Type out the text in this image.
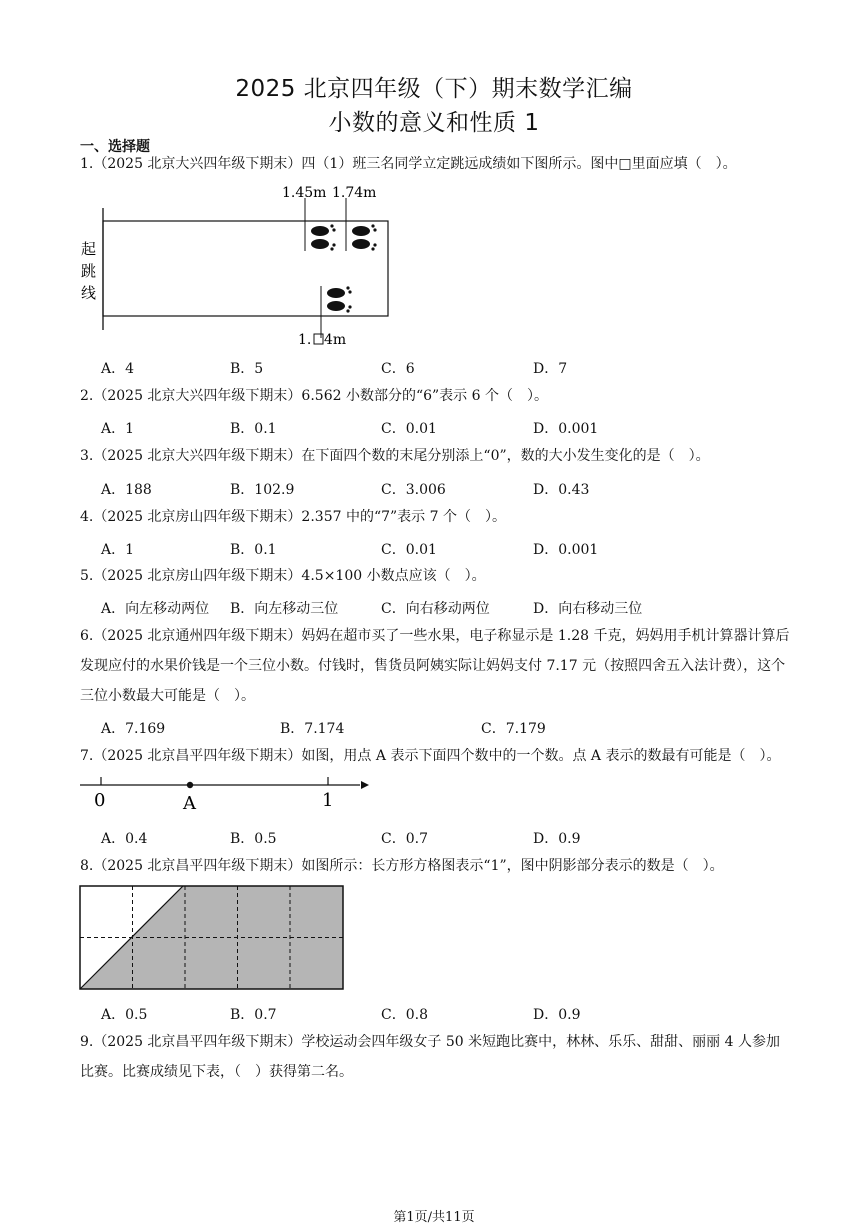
2025 北京四年级（下）期末数学汇编
小数的意义和性质 1
一、选择题
1.（2025 北京大兴四年级下期末）四（1）班三名同学立定跳远成绩如下图所示。图中□里面应填（　）。
1.45m 1.74m
1. 4m
起
跳
线
A．4	B．5	C．6	D．7
2.（2025 北京大兴四年级下期末）6.562 小数部分的“6”表示 6 个（　）。
A．1	B．0.1	C．0.01	D．0.001
3.（2025 北京大兴四年级下期末）在下面四个数的末尾分别添上“0”，数的大小发生变化的是（　）。
A．188	B．102.9	C．3.006	D．0.43
4.（2025 北京房山四年级下期末）2.357 中的“7”表示 7 个（　）。
A．1	B．0.1	C．0.01	D．0.001
5.（2025 北京房山四年级下期末）4.5×100 小数点应该（　）。
A．向左移动两位 B．向左移动三位	C．向右移动两位	D．向右移动三位
6.（2025 北京通州四年级下期末）妈妈在超市买了一些水果，电子称显示是 1.28 千克，妈妈用手机计算器计算后发现应付的水果价钱是一个三位小数。付钱时，售货员阿姨实际让妈妈支付 7.17 元（按照四舍五入法计费），这个三位小数最大可能是（　）。
A．7.169	B．7.174	C．7.179
7.（2025 北京昌平四年级下期末）如图，用点 A 表示下面四个数中的一个数。点 A 表示的数最有可能是（　）。
0	A	1
A．0.4	B．0.5	C．0.7	D．0.9
8.（2025 北京昌平四年级下期末）如图所示：长方形方格图表示“1”，图中阴影部分表示的数是（　）。
A．0.5	B．0.7	C．0.8	D．0.9
9.（2025 北京昌平四年级下期末）学校运动会四年级女子 50 米短跑比赛中，林林、乐乐、甜甜、丽丽 4 人参加比赛。比赛成绩见下表，（　）获得第二名。
第1页/共11页
